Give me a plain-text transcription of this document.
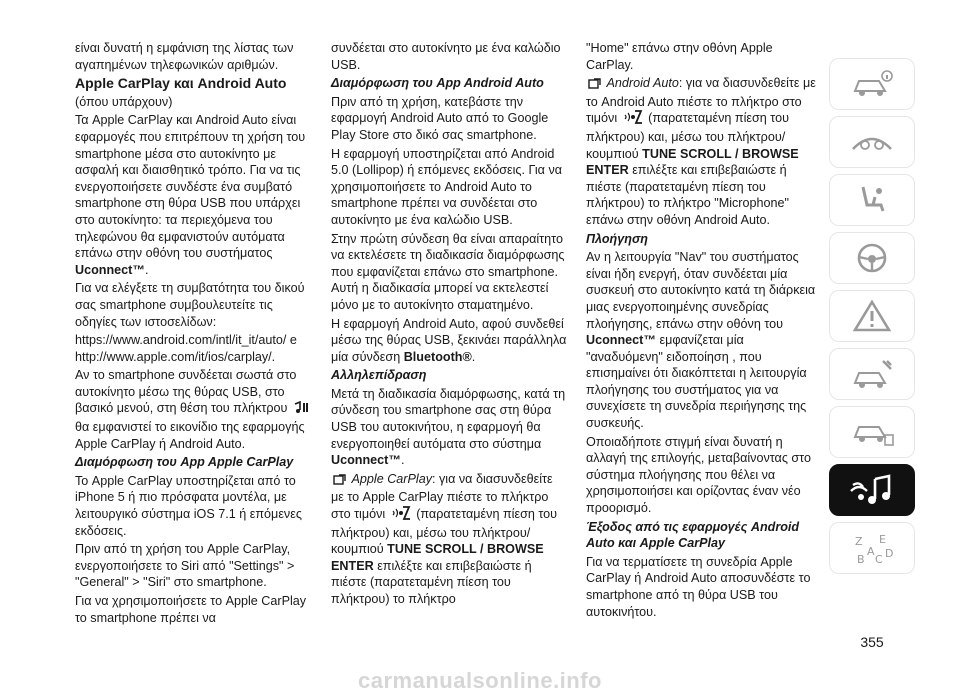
είναι δυνατή η εμφάνιση της λίστας των αγαπημένων τηλεφωνικών αριθμών.

Apple CarPlay και Android Auto

(όπου υπάρχουν)

Τα Apple CarPlay και Android Auto είναι εφαρμογές που επιτρέπουν τη χρήση του smartphone μέσα στο αυτοκίνητο με ασφαλή και διαισθητικό τρόπο. Για να τις ενεργοποιήσετε συνδέστε ένα συμβατό smartphone στη θύρα USB που υπάρχει στο αυτοκίνητο: τα περιεχόμενα του τηλεφώνου θα εμφανιστούν αυτόματα επάνω στην οθόνη του συστήματος Uconnect™.

Για να ελέγξετε τη συμβατότητα του δικού σας smartphone συμβουλευτείτε τις οδηγίες των ιστοσελίδων:

https://www.android.com/intl/it_it/auto/ e http://www.apple.com/it/ios/carplay/.

Αν το smartphone συνδέεται σωστά στο αυτοκίνητο μέσω της θύρας USB, στο βασικό μενού, στη θέση του πλήκτρου  θα εμφανιστεί το εικονίδιο της εφαρμογής Apple CarPlay ή Android Auto.

Διαμόρφωση του App Apple CarPlay

Το Apple CarPlay υποστηρίζεται από το iPhone 5 ή πιο πρόσφατα μοντέλα, με λειτουργικό σύστημα iOS 7.1 ή επόμενες εκδόσεις.

Πριν από τη χρήση του Apple CarPlay, ενεργοποιήσετε το Siri από "Settings" > "General" > "Siri" στο smartphone.

Για να χρησιμοποιήσετε το Apple CarPlay το smartphone πρέπει να

συνδέεται στο αυτοκίνητο με ένα καλώδιο USB.

Διαμόρφωση του App Android Auto

Πριν από τη χρήση, κατεβάστε την εφαρμογή Android Auto από το Google Play Store στο δικό σας smartphone.

Η εφαρμογή υποστηρίζεται από Android 5.0 (Lollipop) ή επόμενες εκδόσεις. Για να χρησιμοποιήσετε το Android Auto το smartphone πρέπει να συνδέεται στο αυτοκίνητο με ένα καλώδιο USB.

Στην πρώτη σύνδεση θα είναι απαραίτητο να εκτελέσετε τη διαδικασία διαμόρφωσης που εμφανίζεται επάνω στο smartphone. Αυτή η διαδικασία μπορεί να εκτελεστεί μόνο με το αυτοκίνητο σταματημένο.

Η εφαρμογή Android Auto, αφού συνδεθεί μέσω της θύρας USB, ξεκινάει παράλληλα μία σύνδεση Bluetooth®.

Αλληλεπίδραση

Μετά τη διαδικασία διαμόρφωσης, κατά τη σύνδεση του smartphone σας στη θύρα USB του αυτοκινήτου, η εφαρμογή θα ενεργοποιηθεί αυτόματα στο σύστημα Uconnect™.

Apple CarPlay: για να διασυνδεθείτε με το Apple CarPlay πιέστε το πλήκτρο στο τιμόνι (παρατεταμένη πίεση του πλήκτρου) και, μέσω του πλήκτρου/κουμπιού TUNE SCROLL / BROWSE ENTER επιλέξτε και επιβεβαιώστε ή πιέστε (παρατεταμένη πίεση του πλήκτρου) το πλήκτρο

"Home" επάνω στην οθόνη Apple CarPlay.

Android Auto: για να διασυνδεθείτε με το Android Auto πιέστε το πλήκτρο στο τιμόνι (παρατεταμένη πίεση του πλήκτρου) και, μέσω του πλήκτρου/κουμπιού TUNE SCROLL / BROWSE ENTER επιλέξτε και επιβεβαιώστε ή πιέστε (παρατεταμένη πίεση του πλήκτρου) το πλήκτρο "Microphone" επάνω στην οθόνη Android Auto.

Πλοήγηση

Αν η λειτουργία "Nav" του συστήματος είναι ήδη ενεργή, όταν συνδέεται μία συσκευή στο αυτοκίνητο κατά τη διάρκεια μιας ενεργοποιημένης συνεδρίας πλοήγησης, επάνω στην οθόνη του Uconnect™ εμφανίζεται μία "αναδυόμενη" ειδοποίηση , που επισημαίνει ότι διακόπτεται η λειτουργία πλοήγησης του συστήματος για να συνεχίσετε τη συνεδρία περιήγησης της συσκευής.

Οποιαδήποτε στιγμή είναι δυνατή η αλλαγή της επιλογής, μεταβαίνοντας στο σύστημα πλοήγησης που θέλει να χρησιμοποιήσει και ορίζοντας έναν νέο προορισμό.

Έξοδος από τις εφαρμογές Android Auto και Apple CarPlay

Για να τερματίσετε τη συνεδρία Apple CarPlay ή Android Auto αποσυνδέστε το smartphone από τη θύρα USB του αυτοκινήτου.

Z E
A
B C D
355
carmanualsonline.info
